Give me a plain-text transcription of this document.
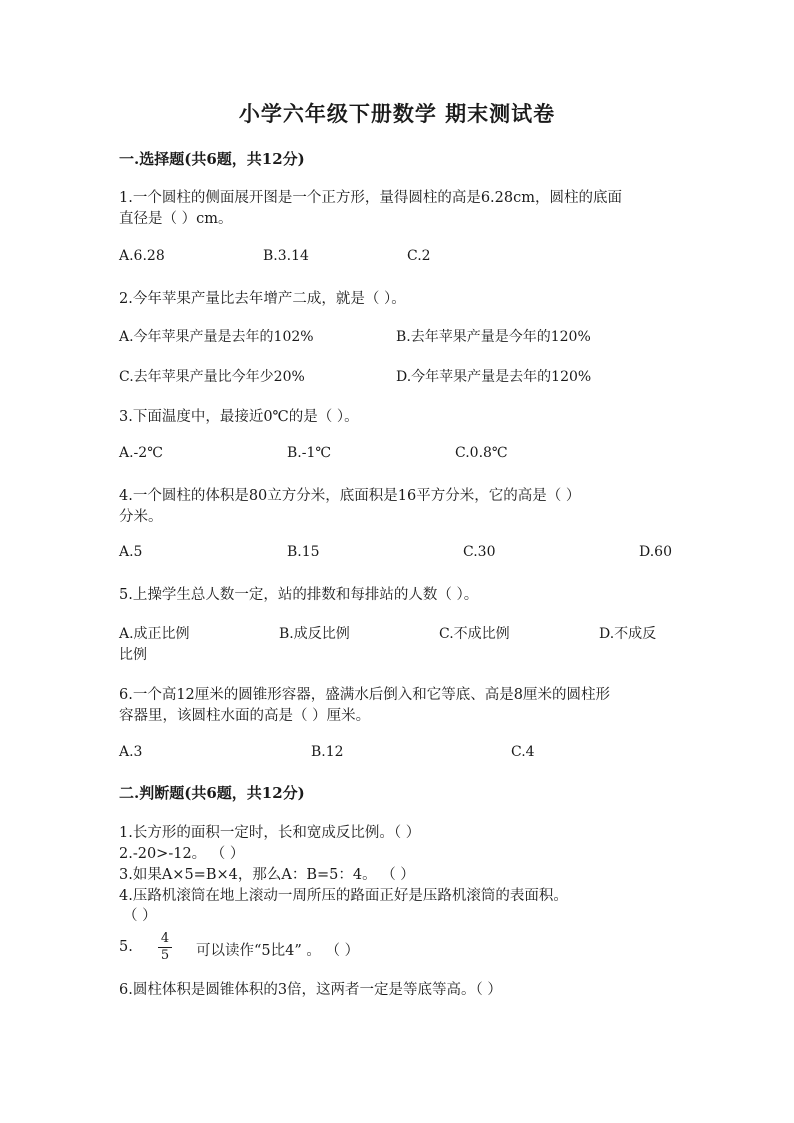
小学六年级下册数学 期末测试卷
一.选择题(共6题，共12分)
1.一个圆柱的侧面展开图是一个正方形，量得圆柱的高是6.28cm，圆柱的底面
直径是（ ）cm。
A.6.28	B.3.14	C.2
2.今年苹果产量比去年增产二成，就是（ ）。
A.今年苹果产量是去年的102%	B.去年苹果产量是今年的120%
C.去年苹果产量比今年少20%	D.今年苹果产量是去年的120%
3.下面温度中，最接近0℃的是（ ）。
A.-2℃	B.-1℃	C.0.8℃
4.一个圆柱的体积是80立方分米，底面积是16平方分米，它的高是（ ）
分米。
A.5	B.15	C.30	D.60
5.上操学生总人数一定，站的排数和每排站的人数（ ）。
A.成正比例	B.成反比例	C.不成比例	D.不成反
比例
6.一个高12厘米的圆锥形容器，盛满水后倒入和它等底、高是8厘米的圆柱形
容器里，该圆柱水面的高是（ ）厘米。
A.3	B.12	C.4
二.判断题(共6题，共12分)
1.长方形的面积一定时，长和宽成反比例。（ ）
2.-20>-12。 （ ）
3.如果A×5=B×4，那么A：B=5：4。 （ ）
4.压路机滚筒在地上滚动一周所压的路面正好是压路机滚筒的表面积。
（ ）
5. $\frac{4}{5}$ 可以读作“5比4” 。 （ ）
6.圆柱体积是圆锥体积的3倍，这两者一定是等底等高。（ ）
